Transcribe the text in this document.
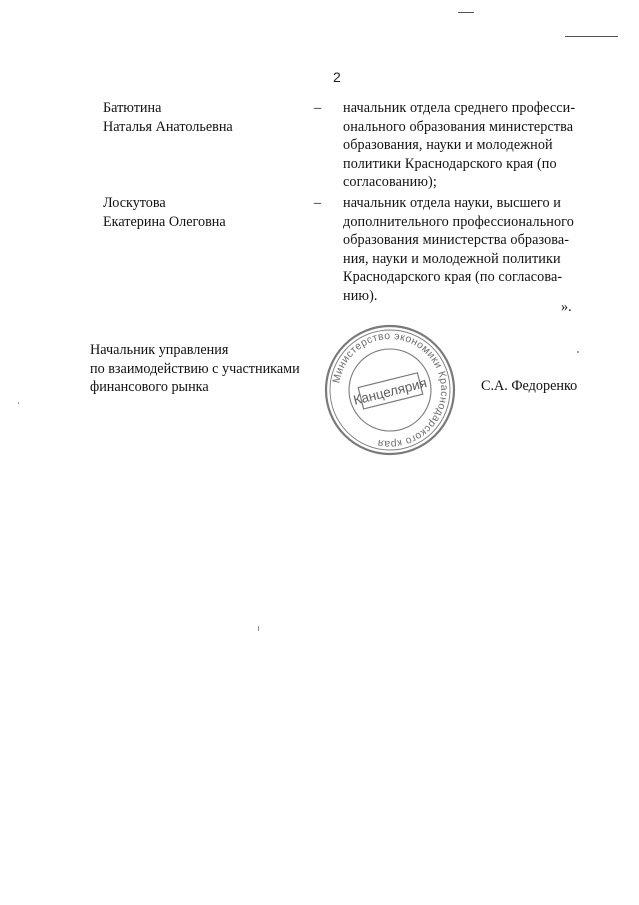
2
Батютина
Наталья Анатольевна
–	начальник отдела среднего професси-
онального образования министерства
образования, науки и молодежной
политики Краснодарского края (по
согласованию);
Лоскутова
Екатерина Олеговна
–	начальник отдела науки, высшего и
дополнительного профессионального
образования министерства образова-
ния, науки и молодежной политики
Краснодарского края (по согласова-
нию).
».
Начальник управления
по взаимодействию с участниками
финансового рынка
Министерство экономики Краснодарского края
Канцелярия	С.А. Федоренко
